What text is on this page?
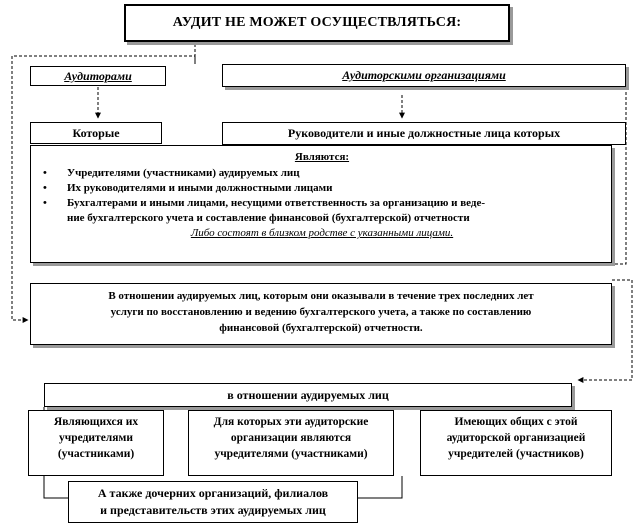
АУДИТ НЕ МОЖЕТ ОСУЩЕСТВЛЯТЬСЯ:
Аудиторами	Аудиторскими организациями
Которые	Руководители и иные должностные лица которых
Являются:
• Учредителями (участниками) аудируемых лиц
• Их руководителями и иными должностными лицами
• Бухгалтерами и иными лицами, несущими ответственность за организацию и веде-
ние бухгалтерского учета и составление финансовой (бухгалтерской) отчетности
Либо состоят в близком родстве с указанными лицами.
В отношении аудируемых лиц, которым они оказывали в течение трех последних лет
услуги по восстановлению и ведению бухгалтерского учета, а также по составлению
финансовой (бухгалтерской) отчетности.
в отношении аудируемых лиц
Являющихся их
учредителями
(участниками)
Для которых эти аудиторские
организации являются
учредителями (участниками)
Имеющих общих с этой
аудиторской организацией
учредителей (участников)
А также дочерних организаций, филиалов
и представительств этих аудируемых лиц
